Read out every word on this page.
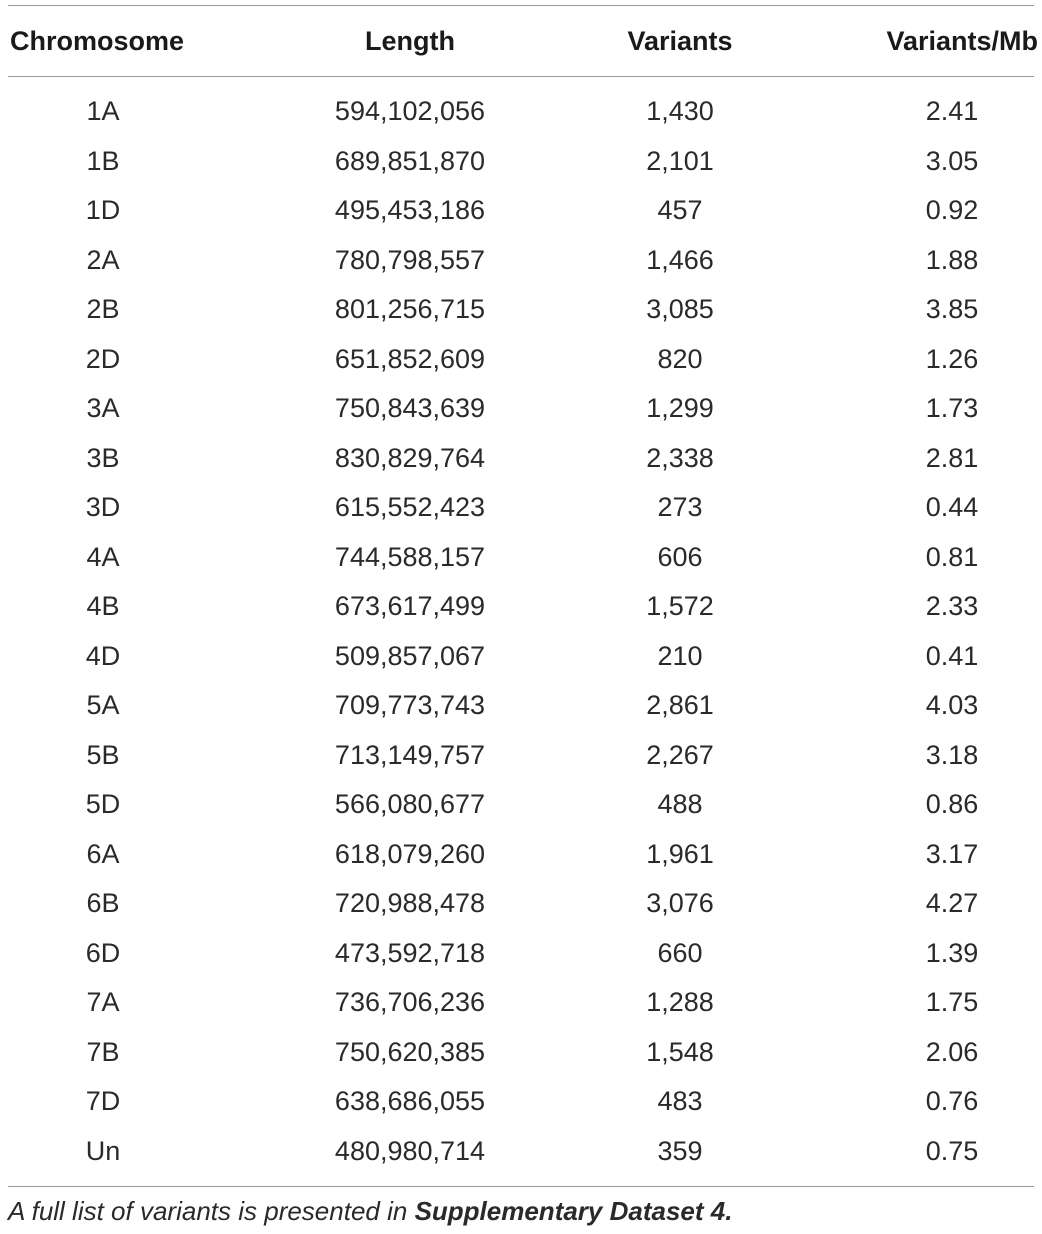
Chromosome	Length	Variants	Variants/Mb
1A	594,102,056	1,430	2.41
1B	689,851,870	2,101	3.05
1D	495,453,186	457	0.92
2A	780,798,557	1,466	1.88
2B	801,256,715	3,085	3.85
2D	651,852,609	820	1.26
3A	750,843,639	1,299	1.73
3B	830,829,764	2,338	2.81
3D	615,552,423	273	0.44
4A	744,588,157	606	0.81
4B	673,617,499	1,572	2.33
4D	509,857,067	210	0.41
5A	709,773,743	2,861	4.03
5B	713,149,757	2,267	3.18
5D	566,080,677	488	0.86
6A	618,079,260	1,961	3.17
6B	720,988,478	3,076	4.27
6D	473,592,718	660	1.39
7A	736,706,236	1,288	1.75
7B	750,620,385	1,548	2.06
7D	638,686,055	483	0.76
Un	480,980,714	359	0.75
A full list of variants is presented in Supplementary Dataset 4.
